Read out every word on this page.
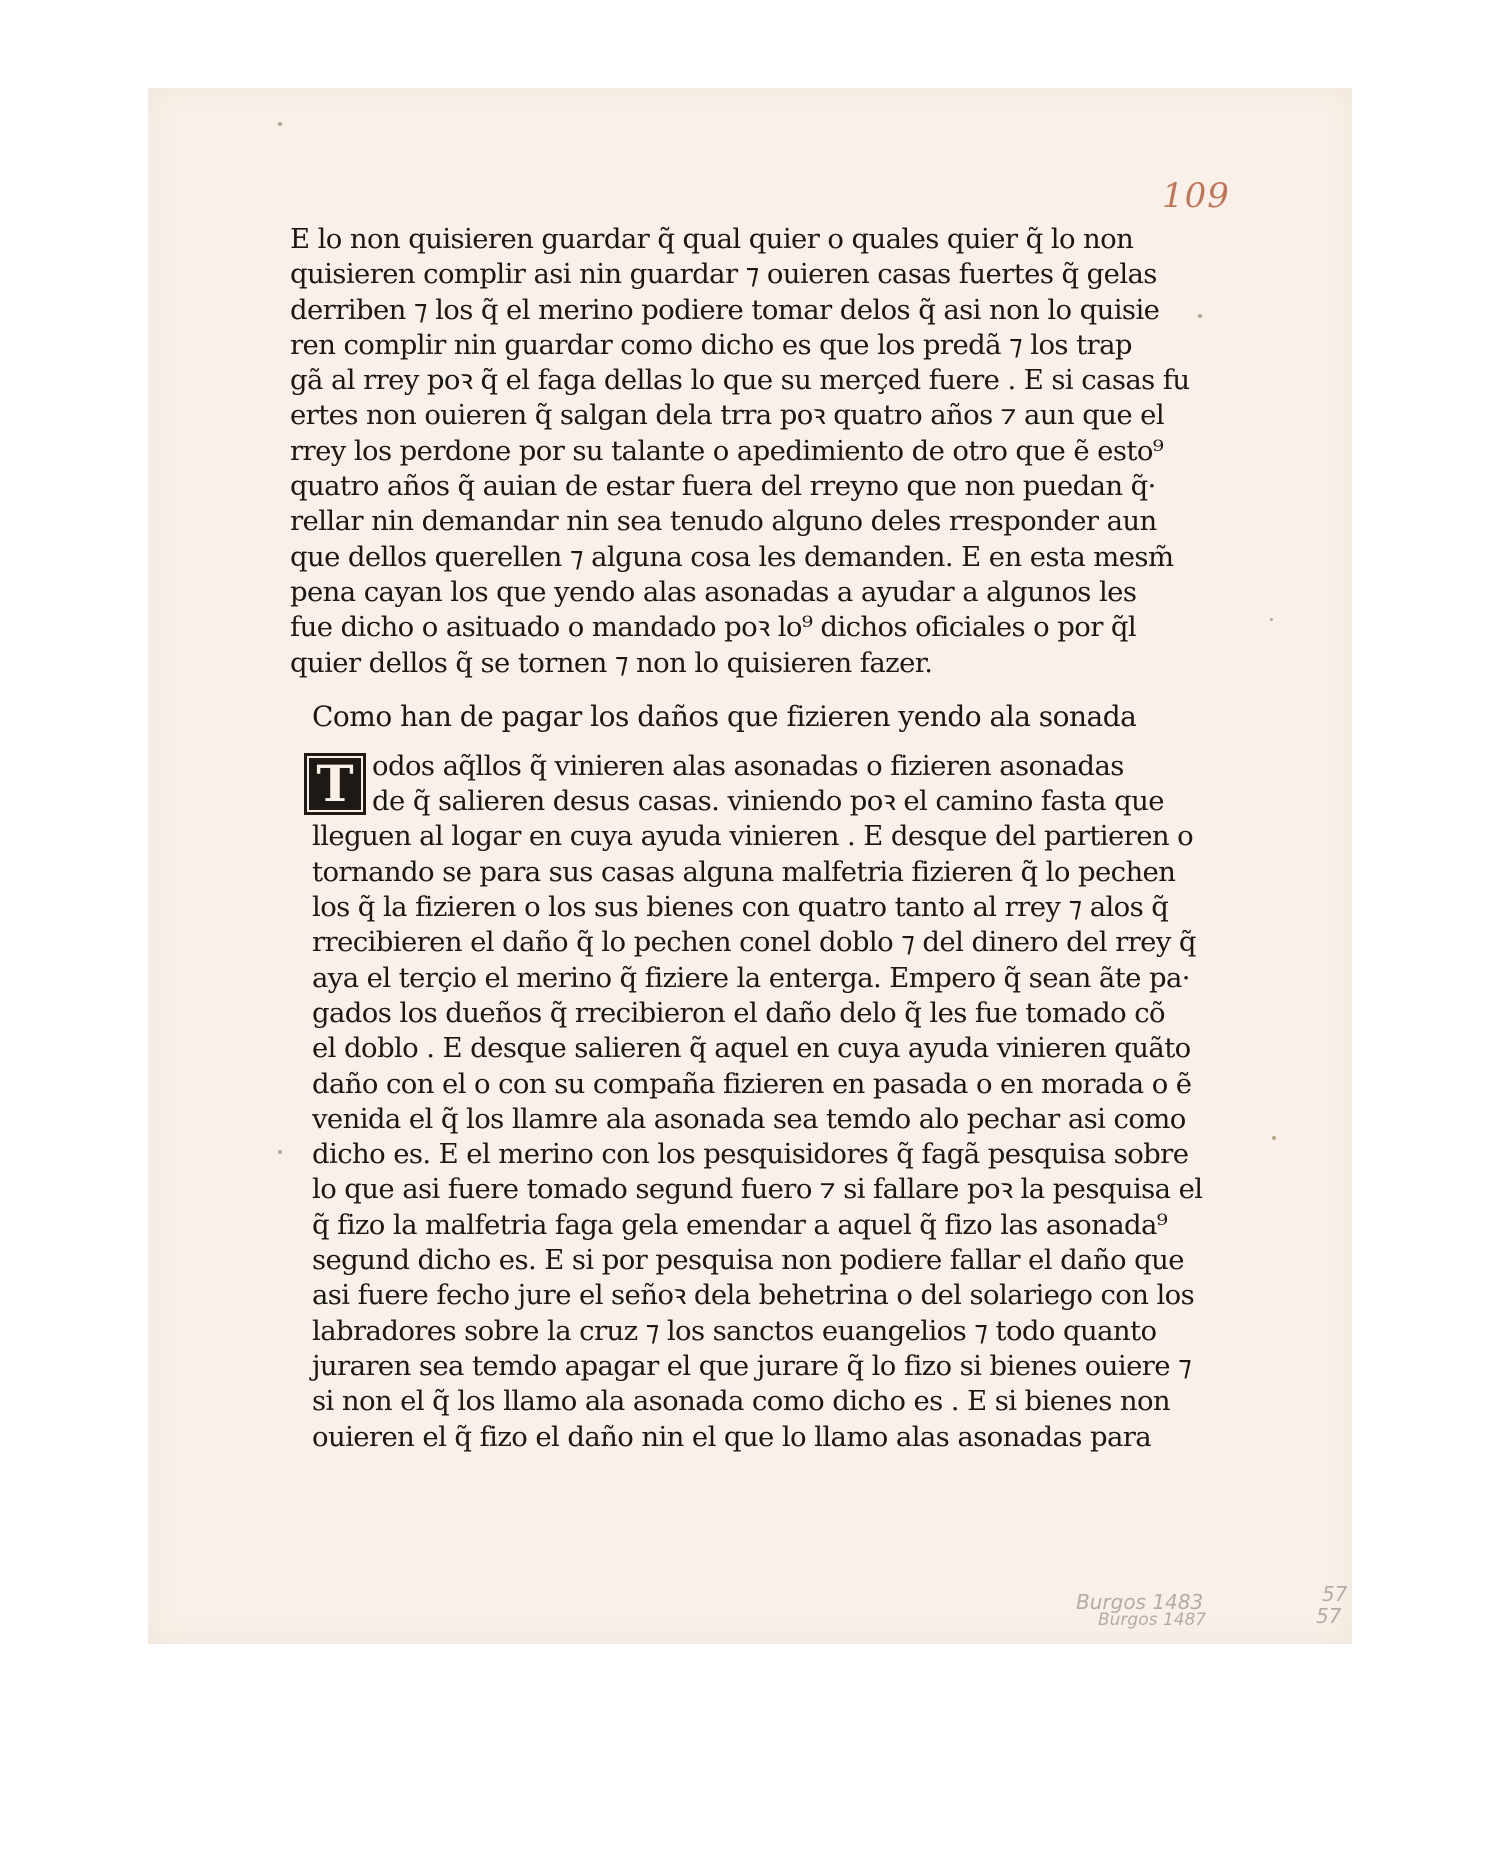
109
E lo non quisieren guardar q̃ qual quier o quales quier q̃ lo non
quisieren complir asi nin guardar ⁊ ouieren casas fuertes q̃ gelas
derriben ⁊ los q̃ el merino podiere tomar delos q̃ asi non lo quisie
ren complir nin guardar como dicho es que los predã ⁊ los trap
gã al rrey poꝛ q̃ el faga dellas lo que su merçed fuere . E si casas fu
ertes non ouieren q̃ salgan dela trra poꝛ quatro años ⁊ aun que el
rrey los perdone por su talante o apedimiento de otro que ẽ esto⁹
quatro años q̃ auian de estar fuera del rreyno que non puedan q̃·
rellar nin demandar nin sea tenudo alguno deles rresponder aun
que dellos querellen ⁊ alguna cosa les demanden. E en esta mesm̃
pena cayan los que yendo alas asonadas a ayudar a algunos les
fue dicho o asituado o mandado poꝛ lo⁹ dichos oficiales o por q̃l
quier dellos q̃ se tornen ⁊ non lo quisieren fazer.
Como han de pagar los daños que fizieren yendo ala sonada
T odos aq̃llos q̃ vinieren alas asonadas o fizieren asonadas
de q̃ salieren desus casas. viniendo poꝛ el camino fasta que
lleguen al logar en cuya ayuda vinieren . E desque del partieren o
tornando se para sus casas alguna malfetria fizieren q̃ lo pechen
los q̃ la fizieren o los sus bienes con quatro tanto al rrey ⁊ alos q̃
rrecibieren el daño q̃ lo pechen conel doblo ⁊ del dinero del rrey q̃
aya el terçio el merino q̃ fiziere la enterga. Empero q̃ sean ãte pa·
gados los dueños q̃ rrecibieron el daño delo q̃ les fue tomado cõ
el doblo . E desque salieren q̃ aquel en cuya ayuda vinieren quãto
daño con el o con su compaña fizieren en pasada o en morada o ẽ
venida el q̃ los llamre ala asonada sea temdo alo pechar asi como
dicho es. E el merino con los pesquisidores q̃ fagã pesquisa sobre
lo que asi fuere tomado segund fuero ⁊ si fallare poꝛ la pesquisa el
q̃ fizo la malfetria faga gela emendar a aquel q̃ fizo las asonada⁹
segund dicho es. E si por pesquisa non podiere fallar el daño que
asi fuere fecho jure el señoꝛ dela behetrina o del solariego con los
labradores sobre la cruz ⁊ los sanctos euangelios ⁊ todo quanto
juraren sea temdo apagar el que jurare q̃ lo fizo si bienes ouiere ⁊
si non el q̃ los llamo ala asonada como dicho es . E si bienes non
ouieren el q̃ fizo el daño nin el que lo llamo alas asonadas para
Burgos 1483
Burgos 1487
57
57
